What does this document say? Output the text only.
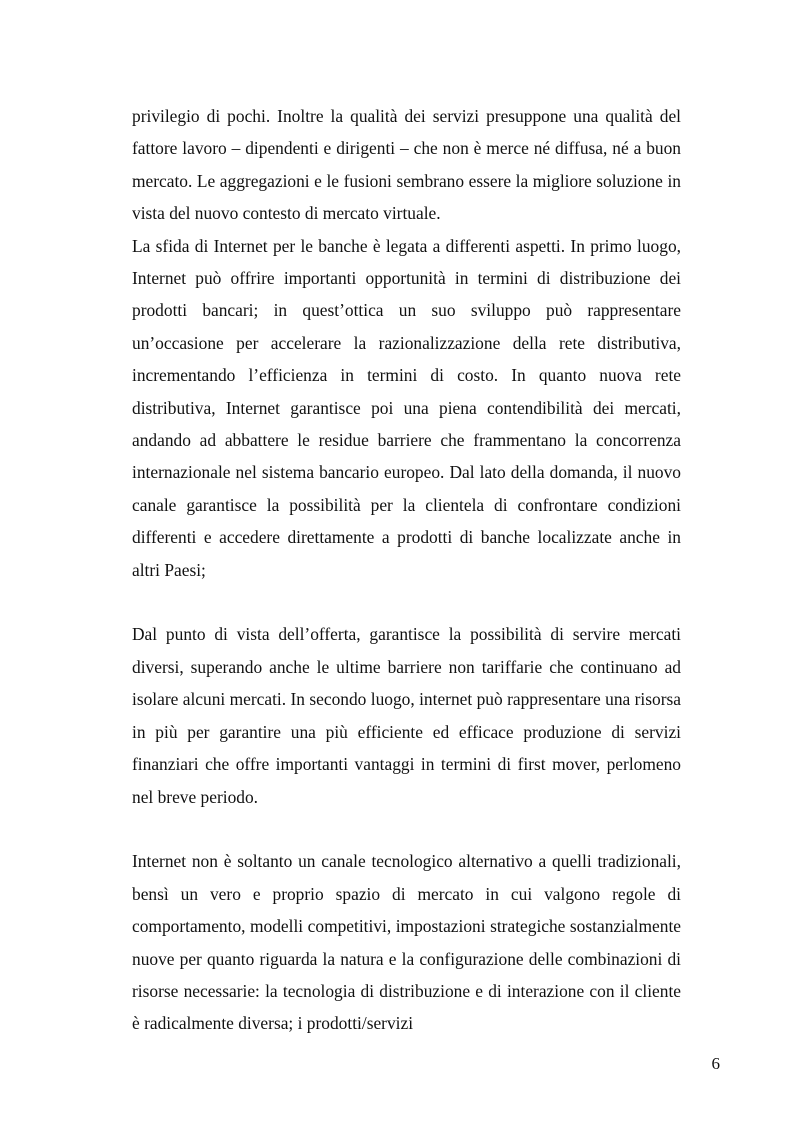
privilegio di pochi. Inoltre la qualità dei servizi presuppone una qualità del fattore lavoro – dipendenti e dirigenti – che non è merce né diffusa, né a buon mercato. Le aggregazioni e le fusioni sembrano essere la migliore soluzione in vista del nuovo contesto di mercato virtuale.

La sfida di Internet per le banche è legata a differenti aspetti. In primo luogo, Internet può offrire importanti opportunità in termini di distribuzione dei prodotti bancari; in quest’ottica un suo sviluppo può rappresentare un’occasione per accelerare la razionalizzazione della rete distributiva, incrementando l’efficienza in termini di costo. In quanto nuova rete distributiva, Internet garantisce poi una piena contendibilità dei mercati, andando ad abbattere le residue barriere che frammentano la concorrenza internazionale nel sistema bancario europeo. Dal lato della domanda, il nuovo canale garantisce la possibilità per la clientela di confrontare condizioni differenti e accedere direttamente a prodotti di banche localizzate anche in altri Paesi;

Dal punto di vista dell’offerta, garantisce la possibilità di servire mercati diversi, superando anche le ultime barriere non tariffarie che continuano ad isolare alcuni mercati. In secondo luogo, internet può rappresentare una risorsa in più per garantire una più efficiente ed efficace produzione di servizi finanziari che offre importanti vantaggi in termini di first mover, perlomeno nel breve periodo.

Internet non è soltanto un canale tecnologico alternativo a quelli tradizionali, bensì un vero e proprio spazio di mercato in cui valgono regole di comportamento, modelli competitivi, impostazioni strategiche sostanzialmente nuove per quanto riguarda la natura e la configurazione delle combinazioni di risorse necessarie: la tecnologia di distribuzione e di interazione con il cliente è radicalmente diversa; i prodotti/servizi

6
